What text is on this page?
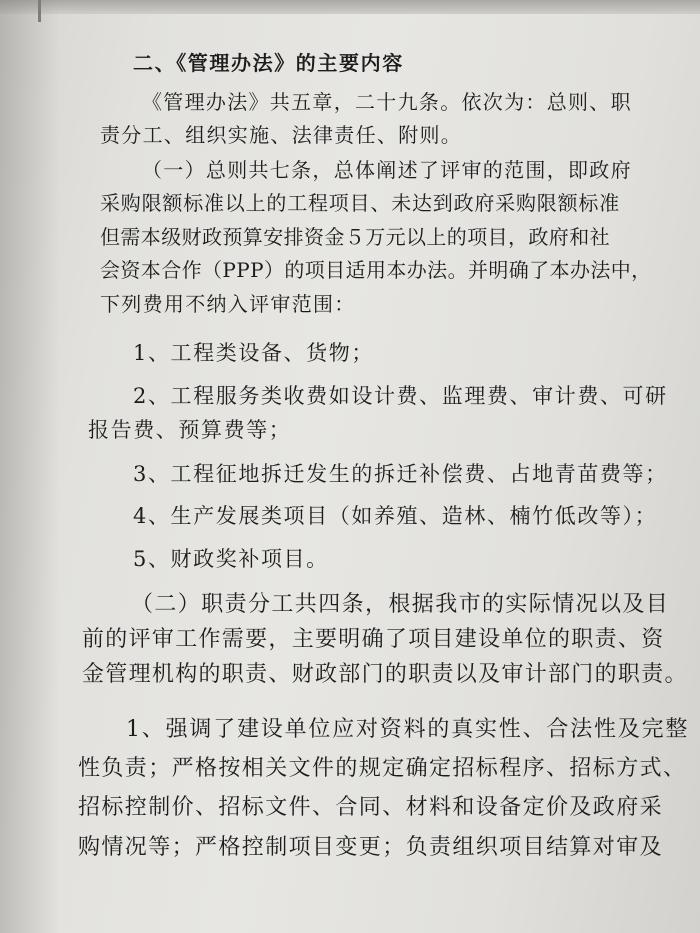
二、《管理办法》的主要内容

《管理办法》共五章，二十九条。依次为：总则、职

责分工、组织实施、法律责任、附则。

（一）总则共七条，总体阐述了评审的范围，即政府

采购限额标准以上的工程项目、未达到政府采购限额标准

但需本级财政预算安排资金５万元以上的项目，政府和社

会资本合作（PPP）的项目适用本办法。并明确了本办法中，

下列费用不纳入评审范围：

1、工程类设备、货物；

2、工程服务类收费如设计费、监理费、审计费、可研

报告费、预算费等；

3、工程征地拆迁发生的拆迁补偿费、占地青苗费等；

4、生产发展类项目（如养殖、造林、楠竹低改等）；

5、财政奖补项目。

（二）职责分工共四条，根据我市的实际情况以及目

前的评审工作需要，主要明确了项目建设单位的职责、资

金管理机构的职责、财政部门的职责以及审计部门的职责。

1、强调了建设单位应对资料的真实性、合法性及完整

性负责；严格按相关文件的规定确定招标程序、招标方式、

招标控制价、招标文件、合同、材料和设备定价及政府采

购情况等；严格控制项目变更；负责组织项目结算对审及
